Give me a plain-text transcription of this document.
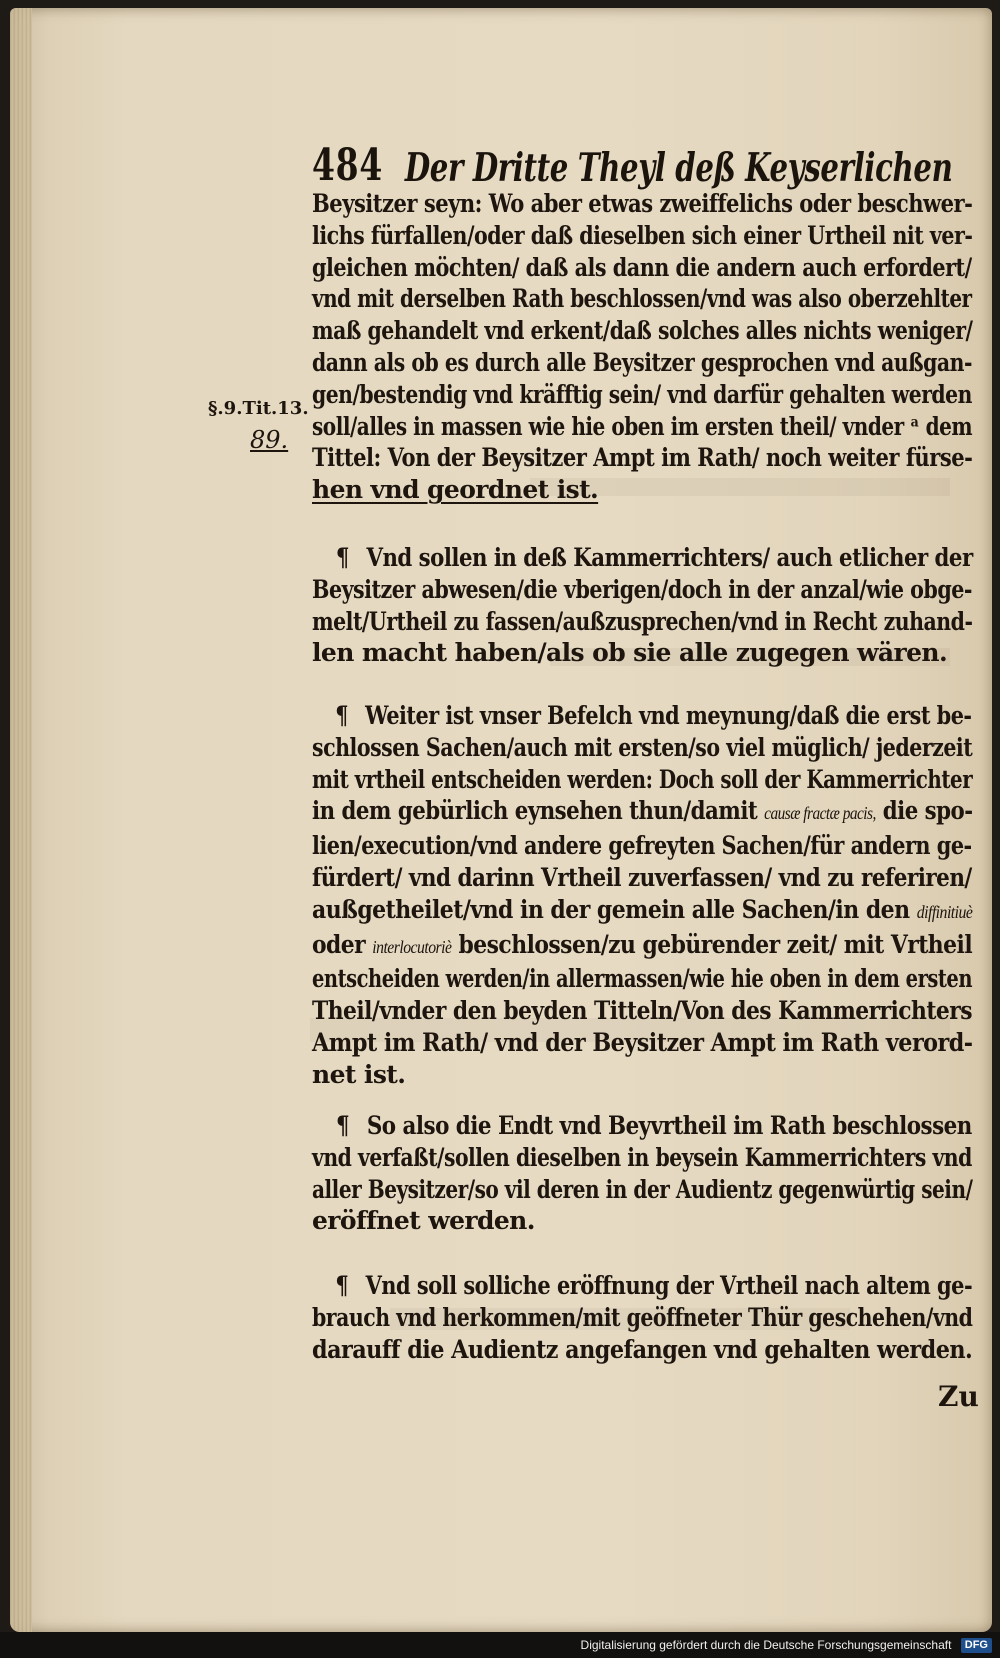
484 Der Dritte Theyl deß Keyserlichen
§.9.Tit.13.
89.
Beysitzer seyn: Wo aber etwas zweiffelichs oder beschwer-
lichs fürfallen/oder daß dieselben sich einer Urtheil nit ver-
gleichen möchten/ daß als dann die andern auch erfordert/
vnd mit derselben Rath beschlossen/vnd was also oberzehlter
maß gehandelt vnd erkent/daß solches alles nichts weniger/
dann als ob es durch alle Beysitzer gesprochen vnd außgan-
gen/bestendig vnd kräfftig sein/ vnd darfür gehalten werden
soll/alles in massen wie hie oben im ersten theil/ vnder ᵃ dem
Tittel: Von der Beysitzer Ampt im Rath/ noch weiter fürse-
hen vnd geordnet ist.
¶ Vnd sollen in deß Kammerrichters/ auch etlicher der
Beysitzer abwesen/die vberigen/doch in der anzal/wie obge-
melt/Urtheil zu fassen/außzusprechen/vnd in Recht zuhand-
len macht haben/als ob sie alle zugegen wären.
¶ Weiter ist vnser Befelch vnd meynung/daß die erst be-
schlossen Sachen/auch mit ersten/so viel müglich/ jederzeit
mit vrtheil entscheiden werden: Doch soll der Kammerrichter
in dem gebürlich eynsehen thun/damit causæ fractæ pacis, die spo-
lien/execution/vnd andere gefreyten Sachen/für andern ge-
fürdert/ vnd darinn Vrtheil zuverfassen/ vnd zu referiren/
außgetheilet/vnd in der gemein alle Sachen/in den diffinitiuè
oder interlocutoriè beschlossen/zu gebürender zeit/ mit Vrtheil
entscheiden werden/in allermassen/wie hie oben in dem ersten
Theil/vnder den beyden Titteln/Von des Kammerrichters
Ampt im Rath/ vnd der Beysitzer Ampt im Rath verord-
net ist.
¶ So also die Endt vnd Beyvrtheil im Rath beschlossen
vnd verfaßt/sollen dieselben in beysein Kammerrichters vnd
aller Beysitzer/so vil deren in der Audientz gegenwürtig sein/
eröffnet werden.
¶ Vnd soll solliche eröffnung der Vrtheil nach altem ge-
brauch vnd herkommen/mit geöffneter Thür geschehen/vnd
darauff die Audientz angefangen vnd gehalten werden.
Zu
Digitalisierung gefördert durch die Deutsche Forschungsgemeinschaft DFG
